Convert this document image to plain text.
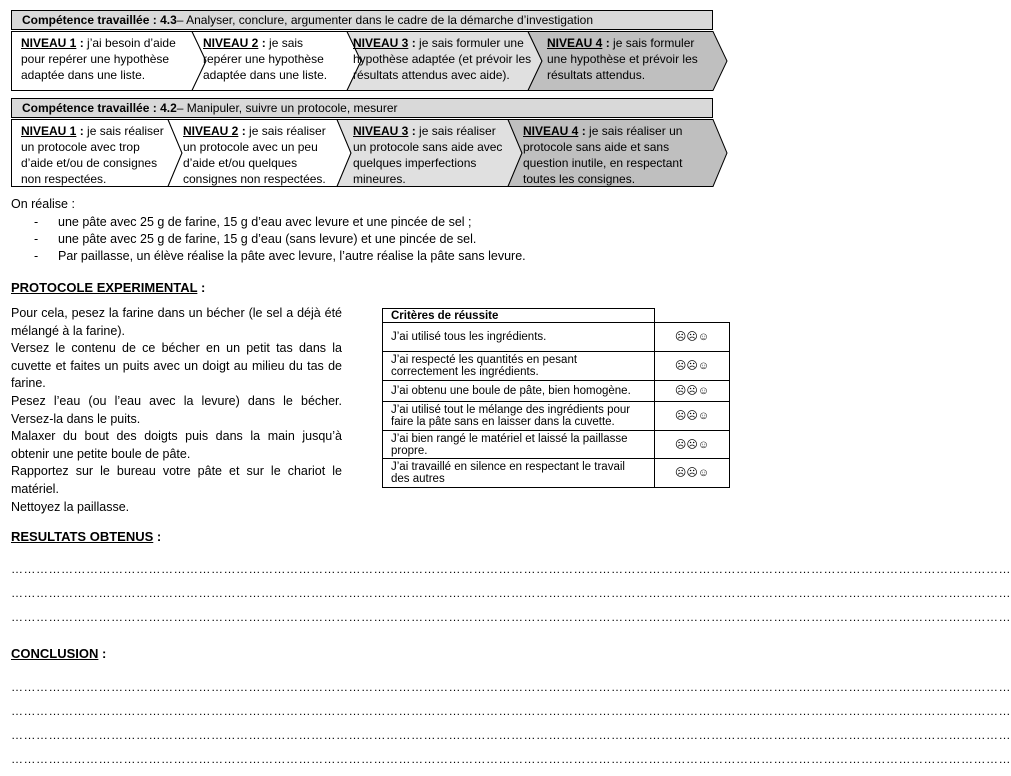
Compétence travaillée : 4.3– Analyser, conclure, argumenter dans le cadre de la démarche d’investigation
NIVEAU 1 : j’ai besoin d’aide pour repérer une hypothèse adaptée dans une liste.
NIVEAU 2 : je sais repérer une hypothèse adaptée dans une liste.
NIVEAU 3 : je sais formuler une hypothèse adaptée (et prévoir les résultats attendus avec aide).
NIVEAU 4 : je sais formuler une hypothèse et prévoir les résultats attendus.
Compétence travaillée : 4.2– Manipuler, suivre un protocole, mesurer
NIVEAU 1 : je sais réaliser un protocole avec trop d’aide et/ou de consignes non respectées.
NIVEAU 2 : je sais réaliser un protocole avec un peu d’aide et/ou quelques consignes non respectées.
NIVEAU 3 : je sais réaliser un protocole sans aide avec quelques imperfections mineures.
NIVEAU 4 : je sais réaliser un protocole sans aide et sans question inutile, en respectant toutes les consignes.
On réalise :
- une pâte avec 25 g de farine, 15 g d’eau avec levure et une pincée de sel ;
- une pâte avec 25 g de farine, 15 g d’eau (sans levure) et une pincée de sel.
- Par paillasse, un élève réalise la pâte avec levure, l’autre réalise la pâte sans levure.
PROTOCOLE EXPERIMENTAL :

Pour cela, pesez la farine dans un bécher (le sel a déjà été mélangé à la farine).

Versez le contenu de ce bécher en un petit tas dans la cuvette et faites un puits avec un doigt au milieu du tas de farine.

Pesez l’eau (ou l’eau avec la levure) dans le bécher. Versez-la dans le puits.

Malaxer du bout des doigts puis dans la main jusqu’à obtenir une petite boule de pâte.

Rapportez sur le bureau votre pâte et sur le chariot le matériel.

Nettoyez la paillasse.

Critères de réussite	
J’ai utilisé tous les ingrédients.	☹☹☺
J’ai respecté les quantités en pesant correctement les ingrédients.	☹☹☺
J’ai obtenu une boule de pâte, bien homogène.	☹☹☺
J’ai utilisé tout le mélange des ingrédients pour faire la pâte sans en laisser dans la cuvette.	☹☹☺
J’ai bien rangé le matériel et laissé la paillasse propre.	☹☹☺
J’ai travaillé en silence en respectant le travail des autres	☹☹☺
RESULTATS OBTENUS :
……………………………………………………………………………………………………………………………………………………………………………………………………………………
……………………………………………………………………………………………………………………………………………………………………………………………………………………
……………………………………………………………………………………………………………………………………………………………………………………………………………………
CONCLUSION :
……………………………………………………………………………………………………………………………………………………………………………………………………………………
……………………………………………………………………………………………………………………………………………………………………………………………………………………
……………………………………………………………………………………………………………………………………………………………………………………………………………………
……………………………………………………………………………………………………………………………………………………………………………………………………………………
